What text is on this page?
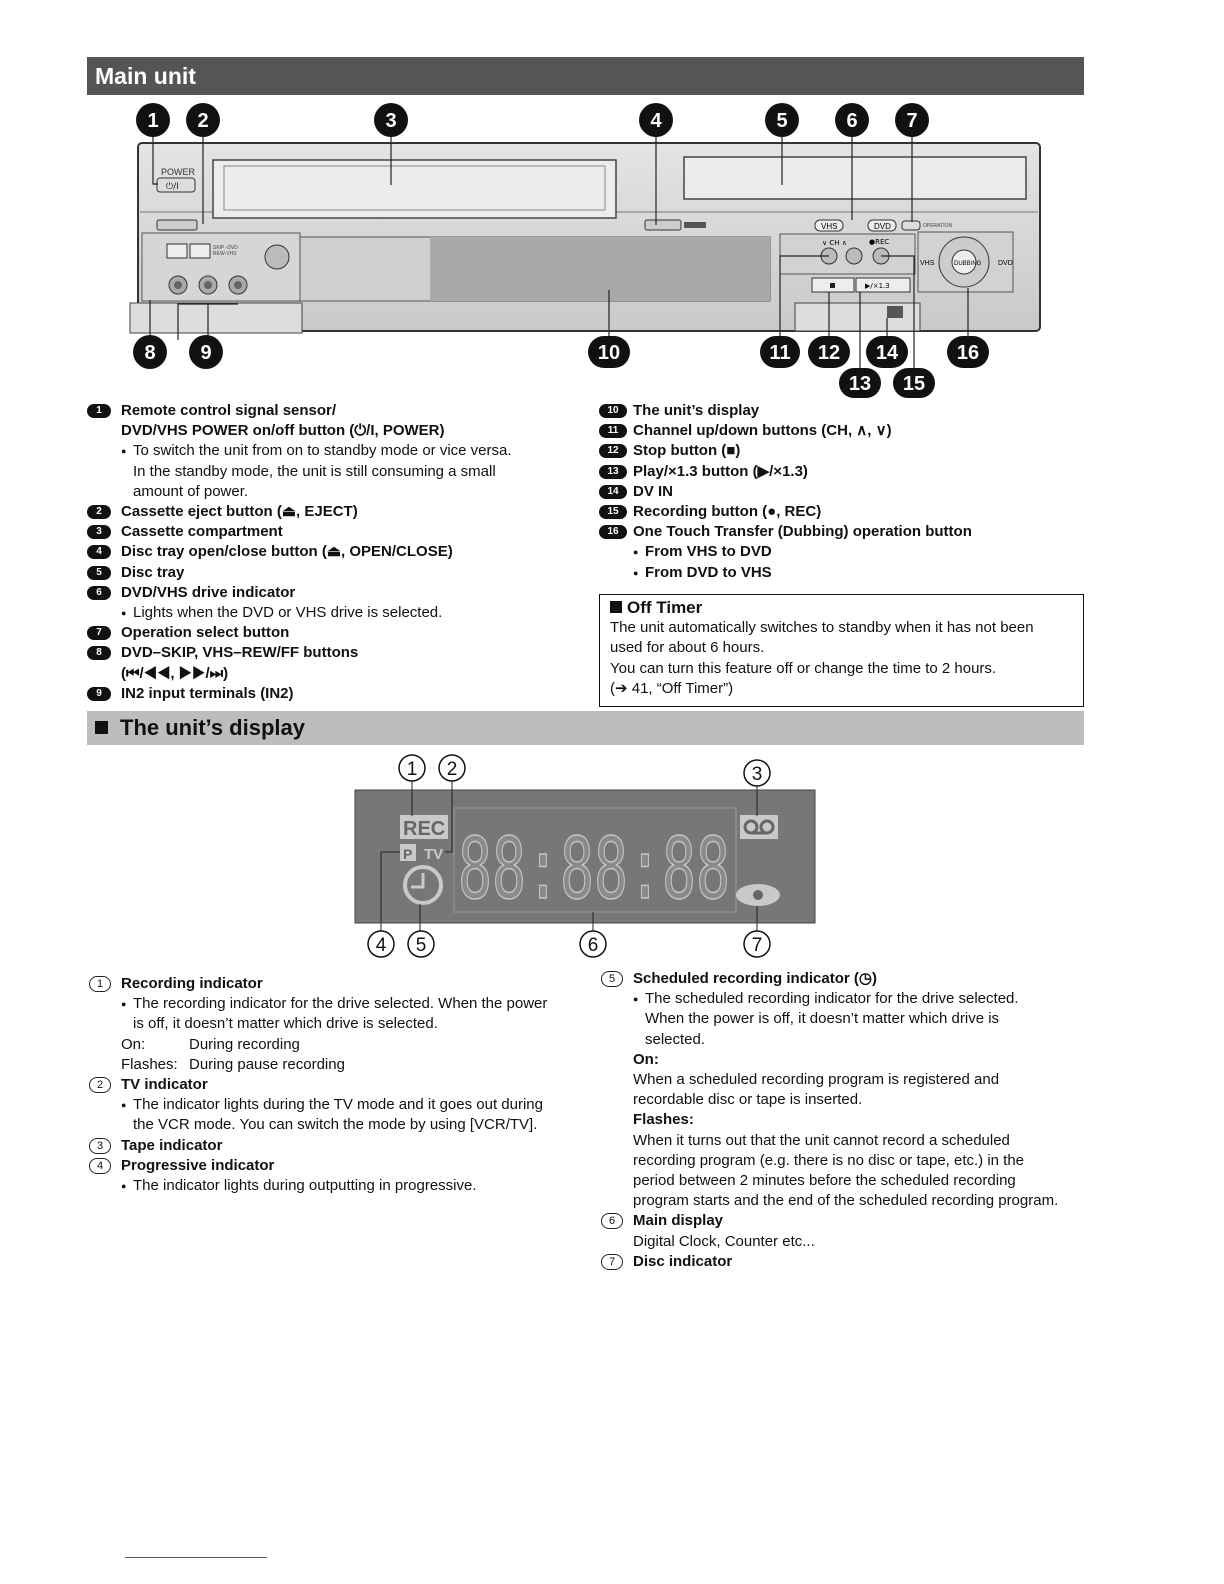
Main unit
POWER
⏻/I
VHS	DVD	OPERATION
SKIP -DVD
REW-VHS
∨ CH ∧	●REC
▶/×1.3
DUBBING
VHS	DVD
1 2	3	4	5	6 7
8 9	10	11 12 14	16
13 15
1	Remote control signal sensor/
DVD/VHS POWER on/off button (⏻/I, POWER)
● To switch the unit from on to standby mode or vice versa.
In the standby mode, the unit is still consuming a small
amount of power.
2	Cassette eject button (⏏, EJECT)
3	Cassette compartment
4	Disc tray open/close button (⏏, OPEN/CLOSE)
5	Disc tray
6	DVD/VHS drive indicator
● Lights when the DVD or VHS drive is selected.
7	Operation select button
8	DVD–SKIP, VHS–REW/FF buttons
(⏮/◀◀, ▶▶/⏭)
9	IN2 input terminals (IN2)
10 The unit’s display
11 Channel up/down buttons (CH, ∧, ∨)
12 Stop button (■)
13 Play/×1.3 button (▶/×1.3)
14 DV IN
15 Recording button (●, REC)
16 One Touch Transfer (Dubbing) operation button
● From VHS to DVD
● From DVD to VHS
Off Timer
The unit automatically switches to standby when it has not been
used for about 6 hours.
You can turn this feature off or change the time to 2 hours.
(➔ 41, “Off Timer”)
The unit’s display
REC
P TV 88:88:88
1 2	3
4 5	6	7
1	Recording indicator
● The recording indicator for the drive selected. When the power
is off, it doesn’t matter which drive is selected.
On:	During recording
Flashes: During pause recording
2	TV indicator
● The indicator lights during the TV mode and it goes out during
the VCR mode. You can switch the mode by using [VCR/TV].
3	Tape indicator
4	Progressive indicator
● The indicator lights during outputting in progressive.
5	Scheduled recording indicator (◷)
● The scheduled recording indicator for the drive selected.
When the power is off, it doesn’t matter which drive is
selected.
On:
When a scheduled recording program is registered and
recordable disc or tape is inserted.
Flashes:
When it turns out that the unit cannot record a scheduled
recording program (e.g. there is no disc or tape, etc.) in the
period between 2 minutes before the scheduled recording
program starts and the end of the scheduled recording program.
6	Main display
Digital Clock, Counter etc...
7	Disc indicator
